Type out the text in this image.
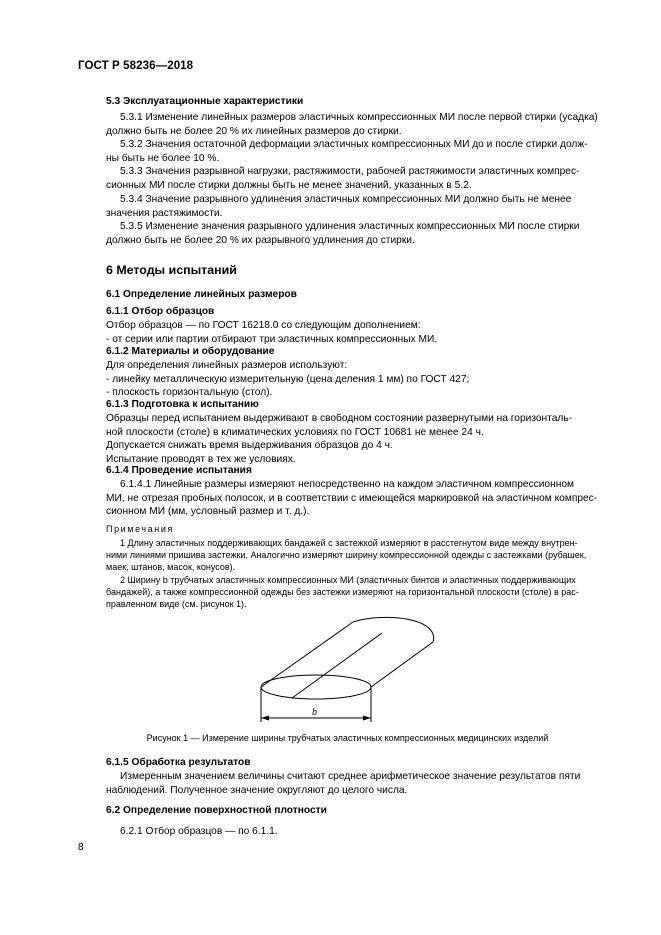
ГОСТ Р 58236—2018
5.3 Эксплуатационные характеристики
5.3.1 Изменение линейных размеров эластичных компрессионных МИ после первой стирки (усадка)
должно быть не более 20 % их линейных размеров до стирки.
5.3.2 Значения остаточной деформации эластичных компрессионных МИ до и после стирки долж-
ны быть не более 10 %.
5.3.3 Значения разрывной нагрузки, растяжимости, рабочей растяжимости эластичных компрес-
сионных МИ после стирки должны быть не менее значений, указанных в 5.2.
5.3.4 Значение разрывного удлинения эластичных компрессионных МИ должно быть не менее
значения растяжимости.
5.3.5 Изменение значения разрывного удлинения эластичных компрессионных МИ после стирки
должно быть не более 20 % их разрывного удлинения до стирки.
6 Методы испытаний
6.1 Определение линейных размеров
6.1.1 Отбор образцов
Отбор образцов — по ГОСТ 16218.0 со следующим дополнением:
- от серии или партии отбирают три эластичных компрессионных МИ.
6.1.2 Материалы и оборудование
Для определения линейных размеров используют:
- линейку металлическую измерительную (цена деления 1 мм) по ГОСТ 427;
- плоскость горизонтальную (стол).
6.1.3 Подготовка к испытанию
Образцы перед испытанием выдерживают в свободном состоянии развернутыми на горизонталь-
ной плоскости (столе) в климатических условиях по ГОСТ 10681 не менее 24 ч.
Допускается снижать время выдерживания образцов до 4 ч.
Испытание проводят в тех же условиях.
6.1.4 Проведение испытания
6.1.4.1 Линейные размеры измеряют непосредственно на каждом эластичном компрессионном
МИ, не отрезая пробных полосок, и в соответствии с имеющейся маркировкой на эластичном компрес-
сионном МИ (мм, условный размер и т. д.).
Примечания
1 Длину эластичных поддерживающих бандажей с застежкой измеряют в расстегнутом виде между внутрен-
ними линиями пришива застежки. Аналогично измеряют ширину компрессионной одежды с застежками (рубашек,
маек, штанов, масок, конусов).
2 Ширину b трубчатых эластичных компрессионных МИ (эластичных бинтов и эластичных поддерживающих
бандажей), а также компрессионной одежды без застежки измеряют на горизонтальной плоскости (столе) в рас-
правленном виде (см. рисунок 1).
b
Рисунок 1 — Измерение ширины трубчатых эластичных компрессионных медицинских изделий
6.1.5 Обработка результатов
Измеренным значением величины считают среднее арифметическое значение результатов пяти
наблюдений. Полученное значение округляют до целого числа.
6.2 Определение поверхностной плотности
6.2.1 Отбор образцов — по 6.1.1.
8
